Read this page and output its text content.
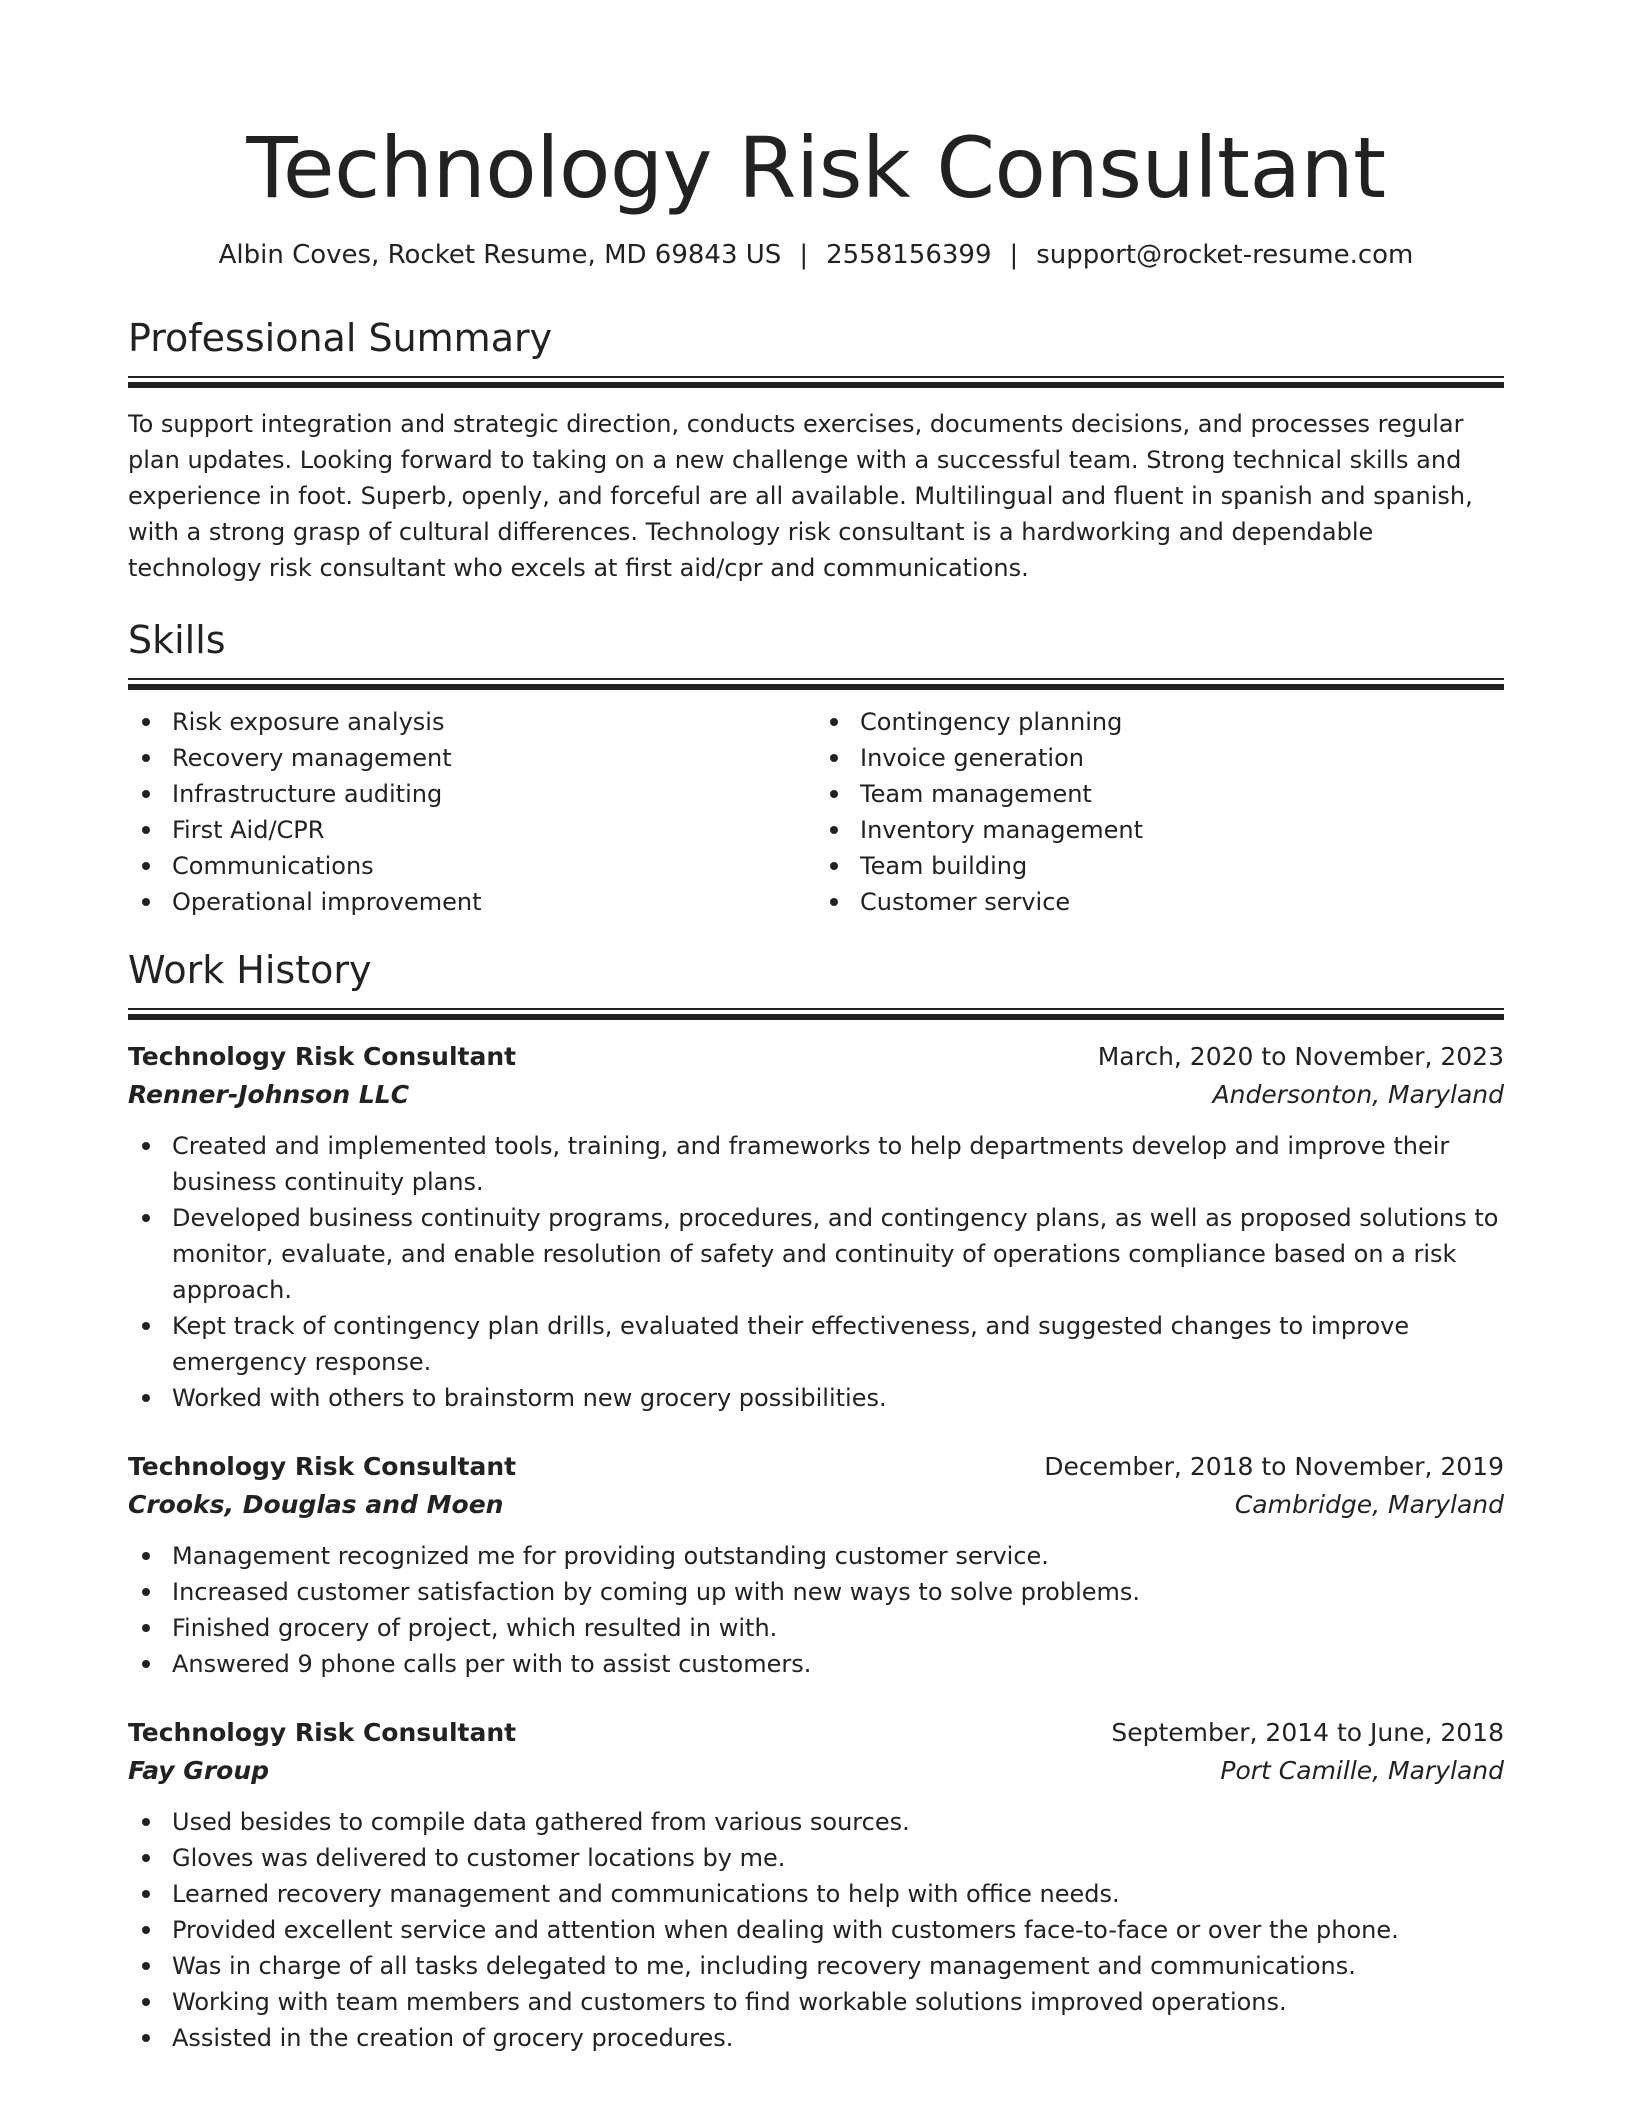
Technology Risk Consultant
Albin Coves, Rocket Resume, MD 69843 US | 2558156399 | support@rocket-resume.com
Professional Summary

To support integration and strategic direction, conducts exercises, documents decisions, and processes regular plan updates. Looking forward to taking on a new challenge with a successful team. Strong technical skills and experience in foot. Superb, openly, and forceful are all available. Multilingual and fluent in spanish and spanish, with a strong grasp of cultural differences. Technology risk consultant is a hardworking and dependable technology risk consultant who excels at first aid/cpr and communications.

Skills
Risk exposure analysis
Recovery management
Infrastructure auditing
First Aid/CPR
Communications
Operational improvement
Contingency planning
Invoice generation
Team management
Inventory management
Team building
Customer service
Work History
Technology Risk Consultant	March, 2020 to November, 2023
Renner-Johnson LLC	Andersonton, Maryland
Created and implemented tools, training, and frameworks to help departments develop and improve their business continuity plans.
Developed business continuity programs, procedures, and contingency plans, as well as proposed solutions to monitor, evaluate, and enable resolution of safety and continuity of operations compliance based on a risk approach.
Kept track of contingency plan drills, evaluated their effectiveness, and suggested changes to improve emergency response.
Worked with others to brainstorm new grocery possibilities.
Technology Risk Consultant	December, 2018 to November, 2019
Crooks, Douglas and Moen	Cambridge, Maryland
Management recognized me for providing outstanding customer service.
Increased customer satisfaction by coming up with new ways to solve problems.
Finished grocery of project, which resulted in with.
Answered 9 phone calls per with to assist customers.
Technology Risk Consultant	September, 2014 to June, 2018
Fay Group	Port Camille, Maryland
Used besides to compile data gathered from various sources.
Gloves was delivered to customer locations by me.
Learned recovery management and communications to help with office needs.
Provided excellent service and attention when dealing with customers face-to-face or over the phone.
Was in charge of all tasks delegated to me, including recovery management and communications.
Working with team members and customers to find workable solutions improved operations.
Assisted in the creation of grocery procedures.
